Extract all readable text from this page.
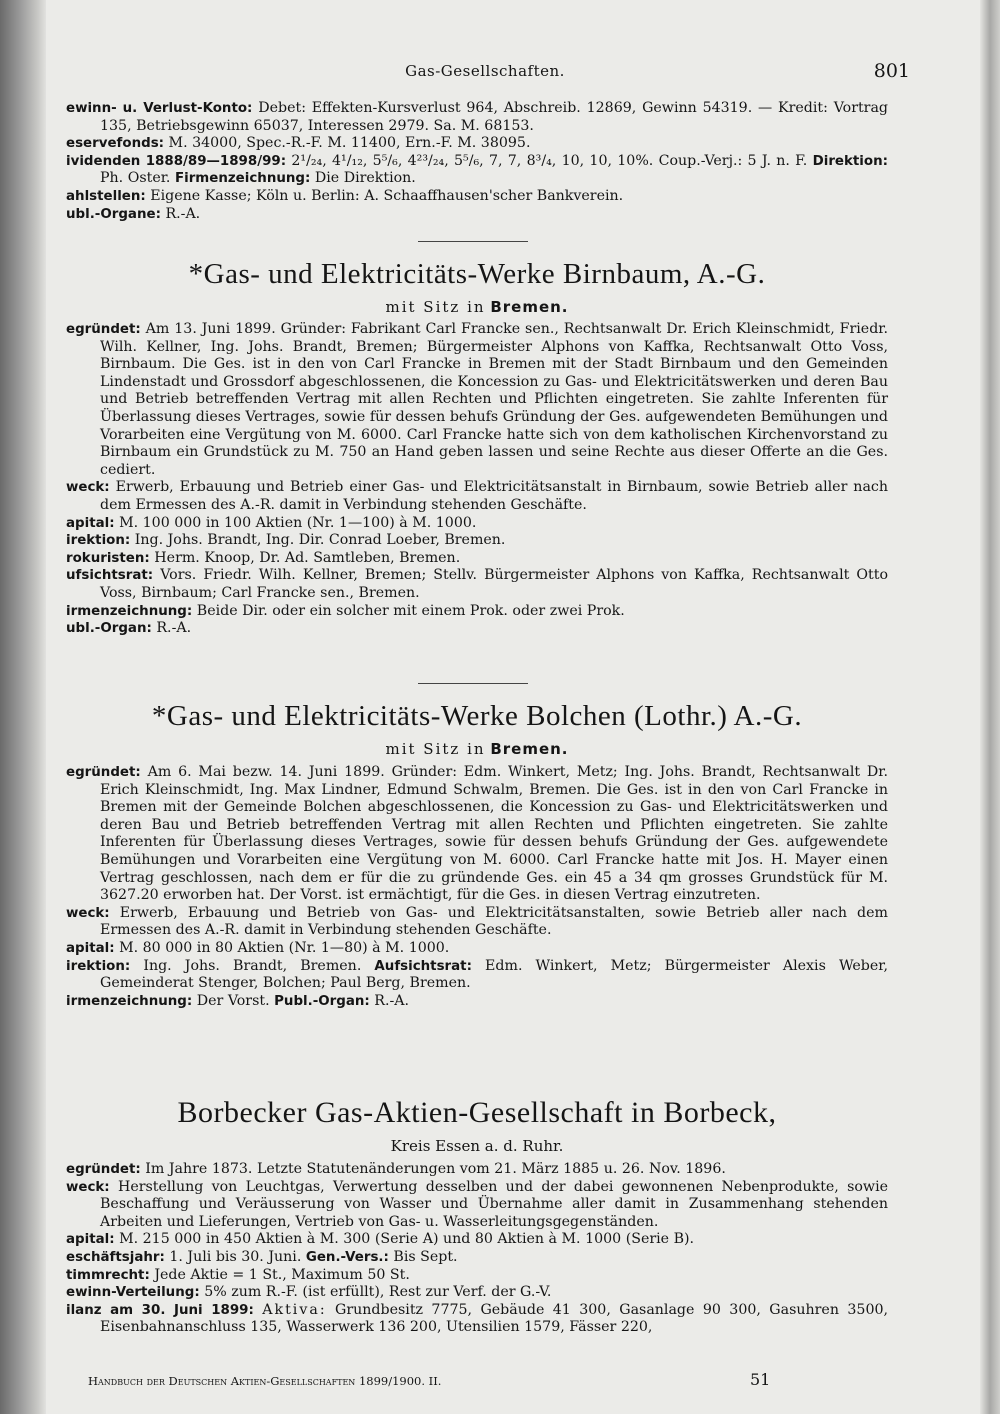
Gas-Gesellschaften.	801

ewinn- u. Verlust-Konto: Debet: Effekten-Kursverlust 964, Abschreib. 12869, Gewinn 54319. — Kredit: Vortrag 135, Betriebsgewinn 65037, Interessen 2979. Sa. M. 68153.

eservefonds: M. 34000, Spec.-R.-F. M. 11400, Ern.-F. M. 38095.

ividenden 1888/89—1898/99: 2¹/₂₄, 4¹/₁₂, 5⁵/₆, 4²³/₂₄, 5⁵/₆, 7, 7, 8³/₄, 10, 10, 10%. Coup.-Verj.: 5 J. n. F. Direktion: Ph. Oster. Firmenzeichnung: Die Direktion.

ahlstellen: Eigene Kasse; Köln u. Berlin: A. Schaaffhausen'scher Bankverein.

ubl.-Organe: R.-A.

*Gas- und Elektricitäts-Werke Birnbaum, A.-G.
mit Sitz in Bremen.

egründet: Am 13. Juni 1899. Gründer: Fabrikant Carl Francke sen., Rechtsanwalt Dr. Erich Kleinschmidt, Friedr. Wilh. Kellner, Ing. Johs. Brandt, Bremen; Bürgermeister Alphons von Kaffka, Rechtsanwalt Otto Voss, Birnbaum. Die Ges. ist in den von Carl Francke in Bremen mit der Stadt Birnbaum und den Gemeinden Lindenstadt und Grossdorf abgeschlossenen, die Koncession zu Gas- und Elektricitätswerken und deren Bau und Betrieb betreffenden Vertrag mit allen Rechten und Pflichten eingetreten. Sie zahlte Inferenten für Überlassung dieses Vertrages, sowie für dessen behufs Gründung der Ges. aufgewendeten Bemühungen und Vorarbeiten eine Vergütung von M. 6000. Carl Francke hatte sich von dem katholischen Kirchenvorstand zu Birnbaum ein Grundstück zu M. 750 an Hand geben lassen und seine Rechte aus dieser Offerte an die Ges. cediert.

weck: Erwerb, Erbauung und Betrieb einer Gas- und Elektricitätsanstalt in Birnbaum, sowie Betrieb aller nach dem Ermessen des A.-R. damit in Verbindung stehenden Geschäfte.

apital: M. 100 000 in 100 Aktien (Nr. 1—100) à M. 1000.

irektion: Ing. Johs. Brandt, Ing. Dir. Conrad Loeber, Bremen.

rokuristen: Herm. Knoop, Dr. Ad. Samtleben, Bremen.

ufsichtsrat: Vors. Friedr. Wilh. Kellner, Bremen; Stellv. Bürgermeister Alphons von Kaffka, Rechtsanwalt Otto Voss, Birnbaum; Carl Francke sen., Bremen.

irmenzeichnung: Beide Dir. oder ein solcher mit einem Prok. oder zwei Prok.

ubl.-Organ: R.-A.

*Gas- und Elektricitäts-Werke Bolchen (Lothr.) A.-G.
mit Sitz in Bremen.

egründet: Am 6. Mai bezw. 14. Juni 1899. Gründer: Edm. Winkert, Metz; Ing. Johs. Brandt, Rechtsanwalt Dr. Erich Kleinschmidt, Ing. Max Lindner, Edmund Schwalm, Bremen. Die Ges. ist in den von Carl Francke in Bremen mit der Gemeinde Bolchen abgeschlossenen, die Koncession zu Gas- und Elektricitätswerken und deren Bau und Betrieb betreffenden Vertrag mit allen Rechten und Pflichten eingetreten. Sie zahlte Inferenten für Überlassung dieses Vertrages, sowie für dessen behufs Gründung der Ges. aufgewendete Bemühungen und Vorarbeiten eine Vergütung von M. 6000. Carl Francke hatte mit Jos. H. Mayer einen Vertrag geschlossen, nach dem er für die zu gründende Ges. ein 45 a 34 qm grosses Grundstück für M. 3627.20 erworben hat. Der Vorst. ist ermächtigt, für die Ges. in diesen Vertrag einzutreten.

weck: Erwerb, Erbauung und Betrieb von Gas- und Elektricitätsanstalten, sowie Betrieb aller nach dem Ermessen des A.-R. damit in Verbindung stehenden Geschäfte.

apital: M. 80 000 in 80 Aktien (Nr. 1—80) à M. 1000.

irektion: Ing. Johs. Brandt, Bremen. Aufsichtsrat: Edm. Winkert, Metz; Bürgermeister Alexis Weber, Gemeinderat Stenger, Bolchen; Paul Berg, Bremen.

irmenzeichnung: Der Vorst. Publ.-Organ: R.-A.

Borbecker Gas-Aktien-Gesellschaft in Borbeck,
Kreis Essen a. d. Ruhr.

egründet: Im Jahre 1873. Letzte Statutenänderungen vom 21. März 1885 u. 26. Nov. 1896.

weck: Herstellung von Leuchtgas, Verwertung desselben und der dabei gewonnenen Nebenprodukte, sowie Beschaffung und Veräusserung von Wasser und Übernahme aller damit in Zusammenhang stehenden Arbeiten und Lieferungen, Vertrieb von Gas- u. Wasserleitungsgegenständen.

apital: M. 215 000 in 450 Aktien à M. 300 (Serie A) und 80 Aktien à M. 1000 (Serie B).

eschäftsjahr: 1. Juli bis 30. Juni. Gen.-Vers.: Bis Sept.

timmrecht: Jede Aktie = 1 St., Maximum 50 St.

ewinn-Verteilung: 5% zum R.-F. (ist erfüllt), Rest zur Verf. der G.-V.

ilanz am 30. Juni 1899: Aktiva: Grundbesitz 7775, Gebäude 41 300, Gasanlage 90 300, Gasuhren 3500, Eisenbahnanschluss 135, Wasserwerk 136 200, Utensilien 1579, Fässer 220,

Handbuch der Deutschen Aktien-Gesellschaften 1899/1900. II.	51
